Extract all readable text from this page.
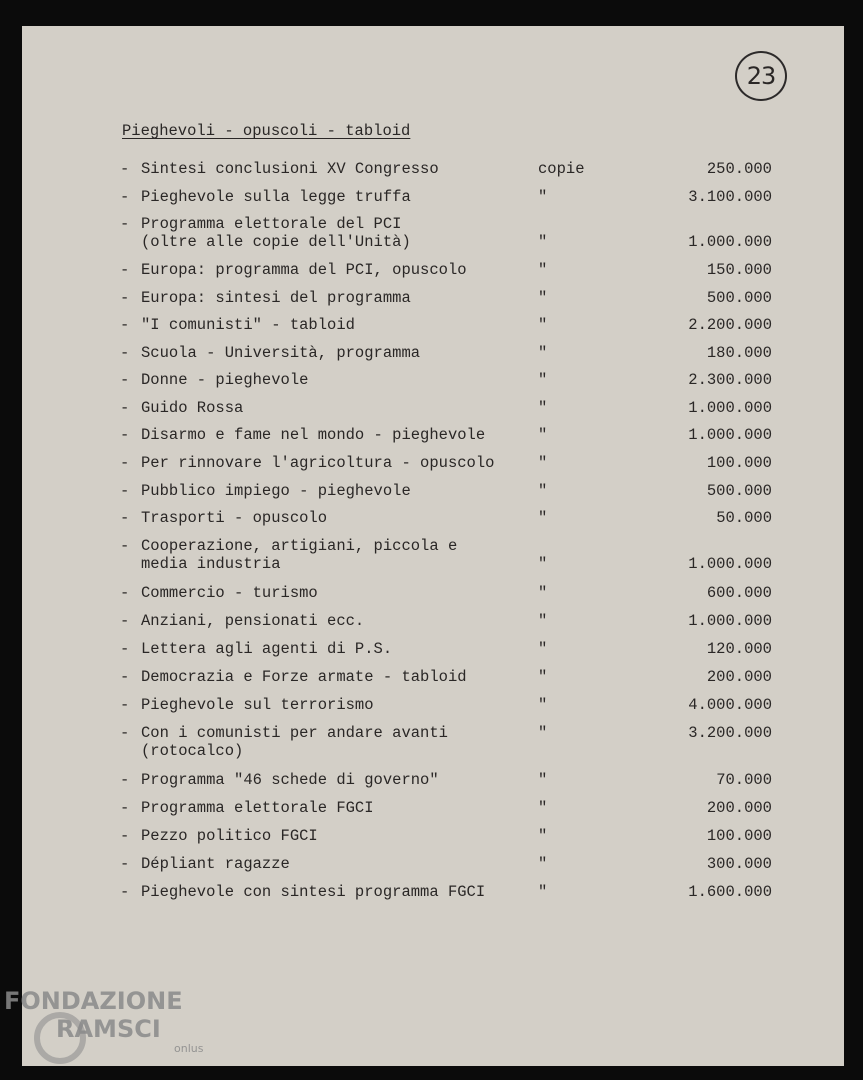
23
Pieghevoli - opuscoli - tabloid
- Sintesi conclusioni XV Congresso	copie	250.000
- Pieghevole sulla legge truffa	"	3.100.000
- Programma elettorale del PCI
(oltre alle copie dell'Unità)	"	1.000.000
- Europa: programma del PCI, opuscolo	"	150.000
- Europa: sintesi del programma	"	500.000
- "I comunisti" - tabloid	"	2.200.000
- Scuola - Università, programma	"	180.000
- Donne - pieghevole	"	2.300.000
- Guido Rossa	"	1.000.000
- Disarmo e fame nel mondo - pieghevole	"	1.000.000
- Per rinnovare l'agricoltura - opuscolo	"	100.000
- Pubblico impiego - pieghevole	"	500.000
- Trasporti - opuscolo	"	50.000
- Cooperazione, artigiani, piccola e
media industria	"	1.000.000
- Commercio - turismo	"	600.000
- Anziani, pensionati ecc.	"	1.000.000
- Lettera agli agenti di P.S.	"	120.000
- Democrazia e Forze armate - tabloid	"	200.000
- Pieghevole sul terrorismo	"	4.000.000
- Con i comunisti per andare avanti
(rotocalco)
"	3.200.000
- Programma "46 schede di governo"	"	70.000
- Programma elettorale FGCI	"	200.000
- Pezzo politico FGCI	"	100.000
- Dépliant ragazze	"	300.000
- Pieghevole con sintesi programma FGCI	"	1.600.000
FONDAZIONE
RAMSCI
onlus
